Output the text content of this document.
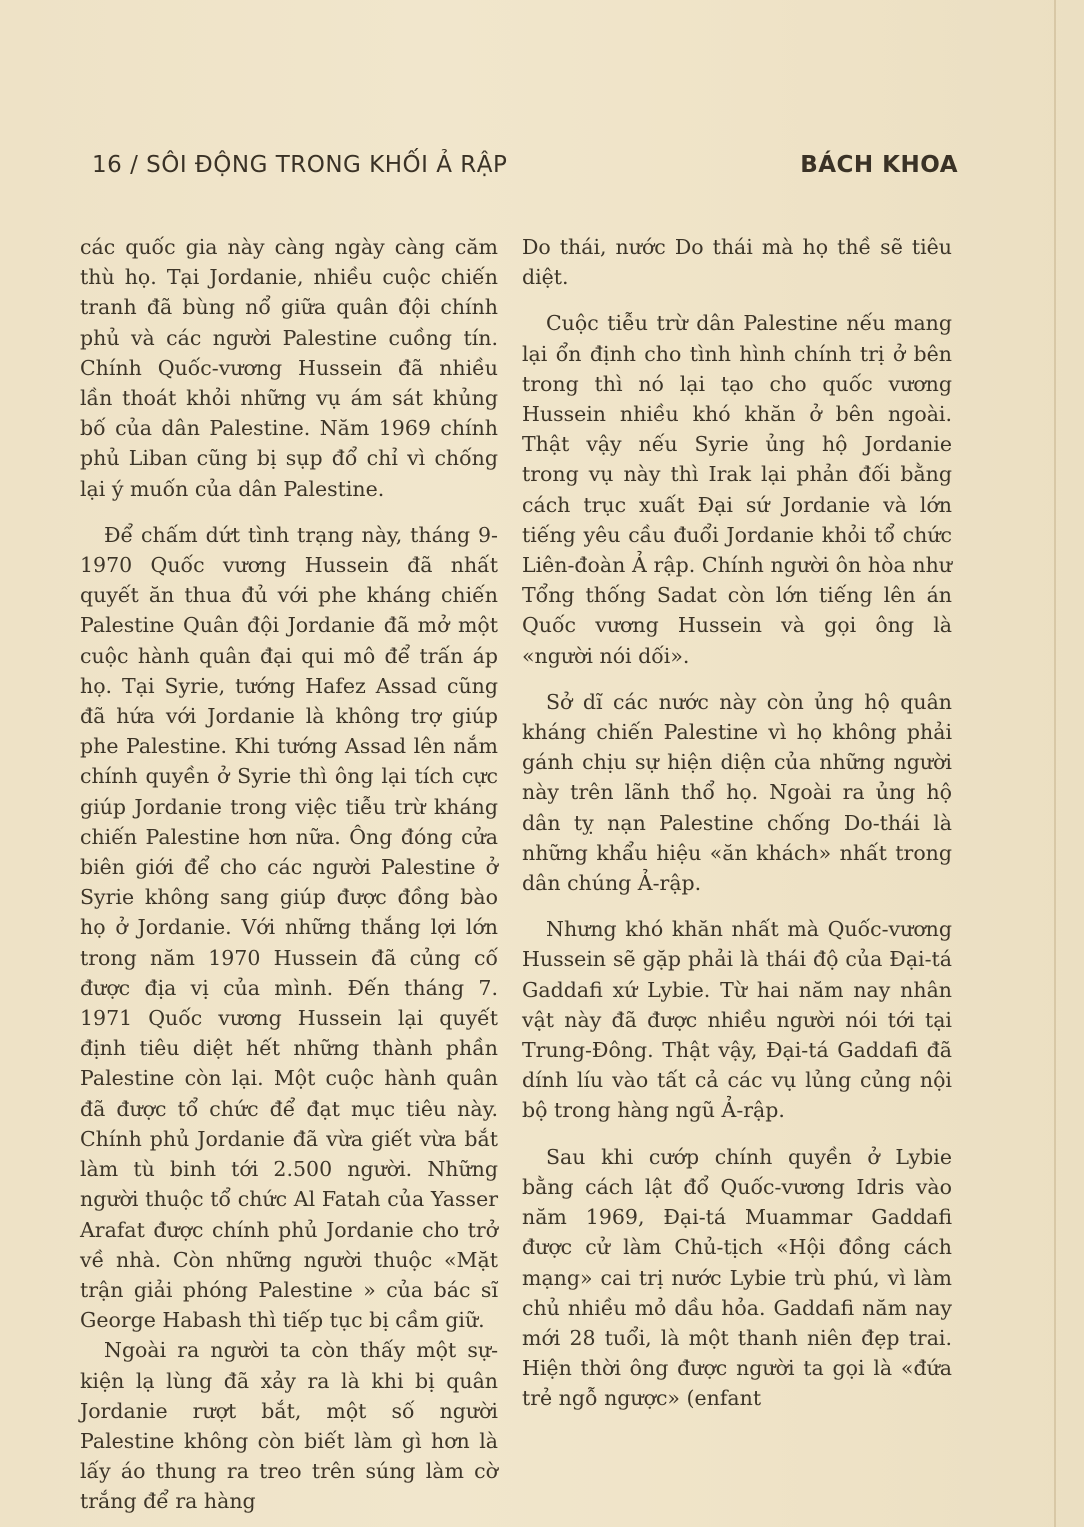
16 / SÔI ĐỘNG TRONG KHỐI Ả RẬP	BÁCH KHOA

các quốc gia này càng ngày càng căm thù họ. Tại Jordanie, nhiều cuộc chiến tranh đã bùng nổ giữa quân đội chính phủ và các người Palestine cuồng tín. Chính Quốc-vương Hussein đã nhiều lần thoát khỏi những vụ ám sát khủng bố của dân Palestine. Năm 1969 chính phủ Liban cũng bị sụp đổ chỉ vì chống lại ý muốn của dân Palestine.

Để chấm dứt tình trạng này, tháng 9-1970 Quốc vương Hussein đã nhất quyết ăn thua đủ với phe kháng chiến Palestine Quân đội Jordanie đã mở một cuộc hành quân đại qui mô để trấn áp họ. Tại Syrie, tướng Hafez Assad cũng đã hứa với Jordanie là không trợ giúp phe Palestine. Khi tướng Assad lên nắm chính quyền ở Syrie thì ông lại tích cực giúp Jordanie trong việc tiễu trừ kháng chiến Palestine hơn nữa. Ông đóng cửa biên giới để cho các người Palestine ở Syrie không sang giúp được đồng bào họ ở Jordanie. Với những thắng lợi lớn trong năm 1970 Hussein đã củng cố được địa vị của mình. Đến tháng 7. 1971 Quốc vương Hussein lại quyết định tiêu diệt hết những thành phần Palestine còn lại. Một cuộc hành quân đã được tổ chức để đạt mục tiêu này. Chính phủ Jordanie đã vừa giết vừa bắt làm tù binh tới 2.500 người. Những người thuộc tổ chức Al Fatah của Yasser Arafat được chính phủ Jordanie cho trở về nhà. Còn những người thuộc «Mặt trận giải phóng Palestine » của bác sĩ George Habash thì tiếp tục bị cầm giữ.

Ngoài ra người ta còn thấy một sự-kiện lạ lùng đã xảy ra là khi bị quân Jordanie rượt bắt, một số người Palestine không còn biết làm gì hơn là lấy áo thung ra treo trên súng làm cờ trắng để ra hàng

Do thái, nước Do thái mà họ thề sẽ tiêu diệt.

Cuộc tiễu trừ dân Palestine nếu mang lại ổn định cho tình hình chính trị ở bên trong thì nó lại tạo cho quốc vương Hussein nhiều khó khăn ở bên ngoài. Thật vậy nếu Syrie ủng hộ Jordanie trong vụ này thì Irak lại phản đối bằng cách trục xuất Đại sứ Jordanie và lớn tiếng yêu cầu đuổi Jordanie khỏi tổ chức Liên-đoàn Ả rập. Chính người ôn hòa như Tổng thống Sadat còn lớn tiếng lên án Quốc vương Hussein và gọi ông là «người nói dối».

Sở dĩ các nước này còn ủng hộ quân kháng chiến Palestine vì họ không phải gánh chịu sự hiện diện của những người này trên lãnh thổ họ. Ngoài ra ủng hộ dân tỵ nạn Palestine chống Do-thái là những khẩu hiệu «ăn khách» nhất trong dân chúng Ả-rập.

Nhưng khó khăn nhất mà Quốc-vương Hussein sẽ gặp phải là thái độ của Đại-tá Gaddafi xứ Lybie. Từ hai năm nay nhân vật này đã được nhiều người nói tới tại Trung-Đông. Thật vậy, Đại-tá Gaddafi đã dính líu vào tất cả các vụ lủng củng nội bộ trong hàng ngũ Ả-rập.

Sau khi cướp chính quyền ở Lybie bằng cách lật đổ Quốc-vương Idris vào năm 1969, Đại-tá Muammar Gaddafi được cử làm Chủ-tịch «Hội đồng cách mạng» cai trị nước Lybie trù phú, vì làm chủ nhiều mỏ dầu hỏa. Gaddafi năm nay mới 28 tuổi, là một thanh niên đẹp trai. Hiện thời ông được người ta gọi là «đứa trẻ ngỗ ngược» (enfant
